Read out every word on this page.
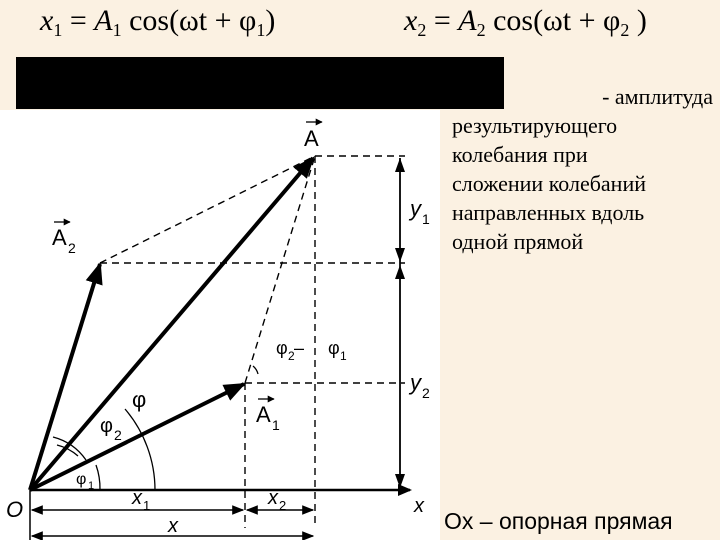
$x_1 = A_1$ $\cos(\omega t + \varphi_1)$	$x_2 = A_2$ $\cos(\omega t + \varphi_2$ )
- амплитуда
результирующего
колебания при
сложении колебаний
направленных вдоль
одной прямой
Ox – опорная прямая
O	x
A
A 2
A 1
φ
φ 2
φ 1
φ 2 – φ 1
y 1
y 2
x 1	x 2
x
